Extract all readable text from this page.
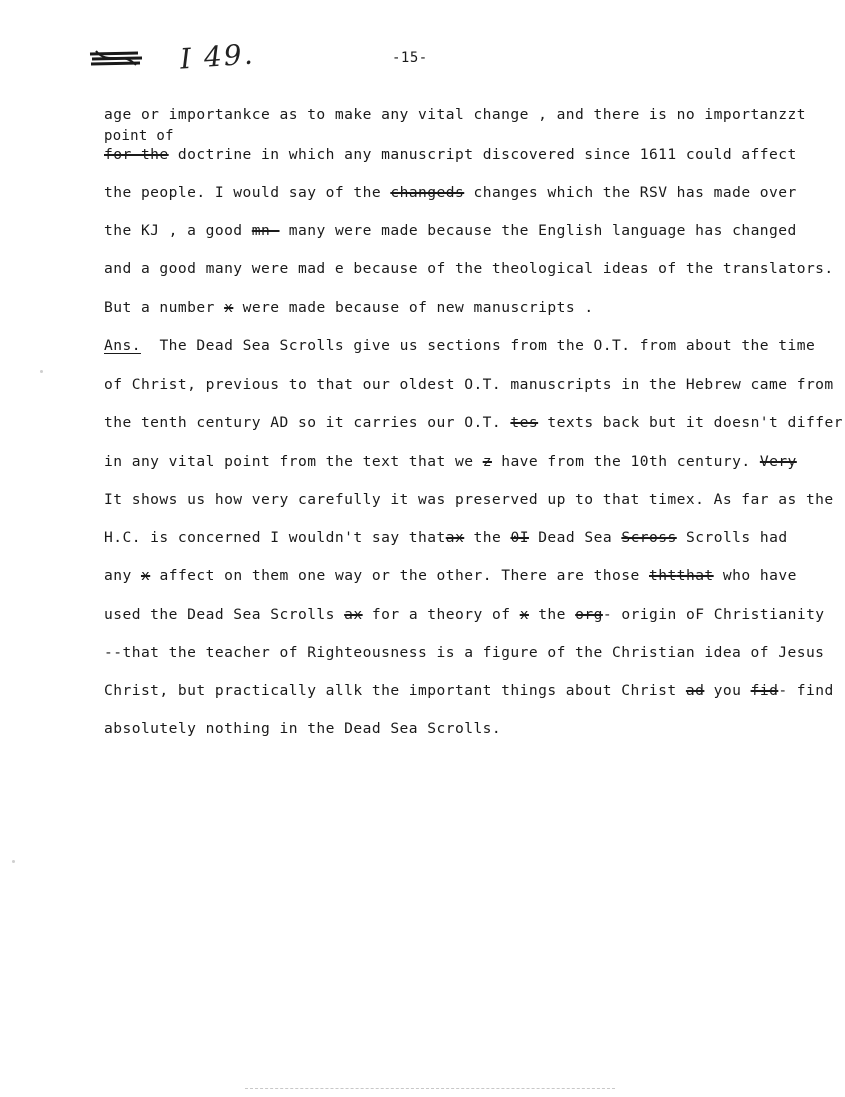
I 49.	-15-
age or importankce as to make any vital change , and there is no importanzzt
point of
for the doctrine in which any manuscript discovered since 1611 could affect
the people. I would say of the changeds changes which the RSV has made over
the KJ , a good mn- many were made because the English language has changed
and a good many were mad e because of the theological ideas of the translators.
But a number x were made because of new manuscripts .
Ans. The Dead Sea Scrolls give us sections from the O.T. from about the time
of Christ, previous to that our oldest O.T. manuscripts in the Hebrew came from
the tenth century AD so it carries our O.T. tes texts back but it doesn't differ
in any vital point from the text that we z have from the 10th century. Very
It shows us how very carefully it was preserved up to that timex. As far as the
H.C. is concerned I wouldn't say thatax the 0I Dead Sea Scross Scrolls had
any x affect on them one way or the other. There are those thtthat who have
used the Dead Sea Scrolls ax for a theory of x the org- origin oF Christianity
--that the teacher of Righteousness is a figure of the Christian idea of Jesus
Christ, but practically allk the important things about Christ ad you fid- find
absolutely nothing in the Dead Sea Scrolls.
